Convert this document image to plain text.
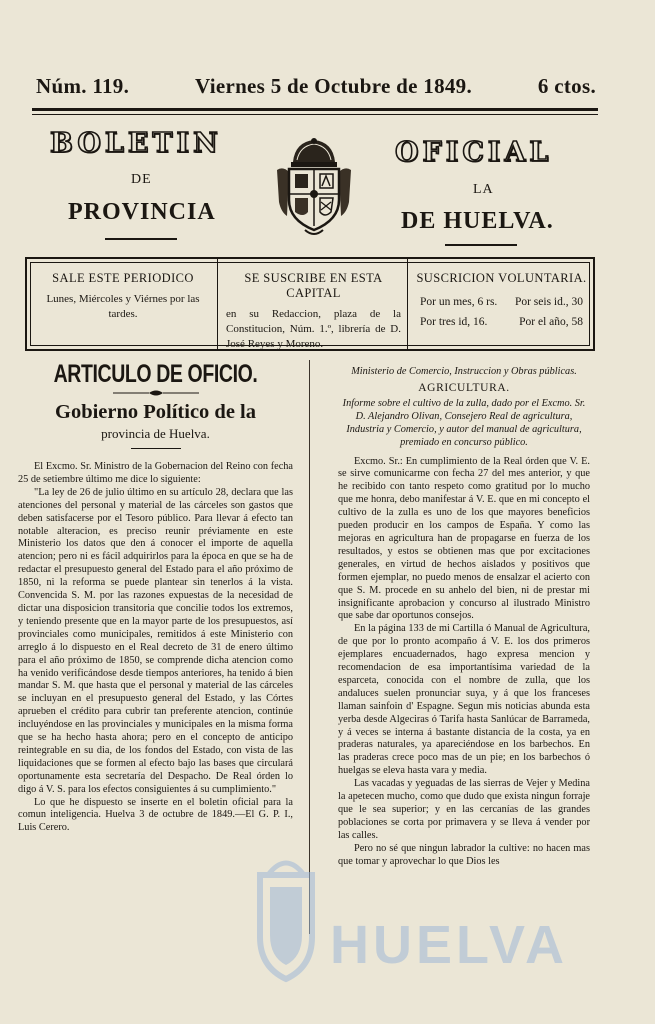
Núm. 119.	Viernes 5 de Octubre de 1849.	6 ctos.
BOLETIN	OFICIAL
DE
LA
PROVINCIA	DE HUELVA.
SALE ESTE PERIODICO
Lunes, Miércoles y Viérnes por las tardes.
SE SUSCRIBE EN ESTA CAPITAL
en su Redaccion, plaza de la Constitucion, Núm. 1.º, librería de D. José Reyes y Moreno.
SUSCRICION VOLUNTARIA.
Por un mes, 6 rs. Por seis id., 30
Por tres id, 16.	Por el año, 58
ARTICULO DE OFICIO.
Gobierno Político de la
provincia de Huelva.

El Excmo. Sr. Ministro de la Gobernacion del Reino con fecha 25 de setiembre último me dice lo siguiente:

"La ley de 26 de julio último en su artículo 28, declara que las atenciones del personal y material de las cárceles son gastos que deben satisfacerse por el Tesoro público. Para llevar á efecto tan notable alteracion, es preciso reunir préviamente en este Ministerio los datos que den á conocer el importe de aquella atencion; pero ni es fácil adquirirlos para la época en que se ha de redactar el presupuesto general del Estado para el año próximo de 1850, ni la reforma se puede plantear sin tenerlos á la vista. Convencida S. M. por las razones expuestas de la necesidad de dictar una disposicion transitoria que concilie todos los extremos, y teniendo presente que en la mayor parte de los presupuestos, así provinciales como municipales, remitidos á este Ministerio con arreglo á lo dispuesto en el Real decreto de 31 de enero último para el año próximo de 1850, se comprende dicha atencion como ha venido verificándose desde tiempos anteriores, ha tenido á bien mandar S. M. que hasta que el personal y material de las cárceles se incluyan en el presupuesto general del Estado, y las Córtes aprueben el crédito para cubrir tan preferente atencion, continúe incluyéndose en las provinciales y municipales en la misma forma que se ha hecho hasta ahora; pero en el concepto de anticipo reintegrable en su dia, de los fondos del Estado, con vista de las liquidaciones que se formen al efecto bajo las bases que circulará oportunamente esta secretaría del Despacho. De Real órden lo digo á V. S. para los efectos consiguientes á su cumplimiento."

Lo que he dispuesto se inserte en el boletin oficial para la comun inteligencia. Huelva 3 de octubre de 1849.—El G. P. I., Luis Cerero.

Ministerio de Comercio, Instruccion y Obras públicas.
AGRICULTURA.
Informe sobre el cultivo de la zulla, dado por el Excmo. Sr. D. Alejandro Olivan, Consejero Real de agricultura, Industria y Comercio, y autor del manual de agricultura, premiado en concurso público.

Excmo. Sr.: En cumplimiento de la Real órden que V. E. se sirve comunicarme con fecha 27 del mes anterior, y que he recibido con tanto respeto como gratitud por lo mucho que me honra, debo manifestar á V. E. que en mi concepto el cultivo de la zulla es uno de los que mayores beneficios pueden producir en los campos de España. Y como las mejoras en agricultura han de propagarse en fuerza de los resultados, y estos se obtienen mas que por excitaciones generales, en virtud de hechos aislados y positivos que formen ejemplar, no puedo menos de ensalzar el acierto con que S. M. procede en su anhelo del bien, ni de prestar mi insignificante aprobacion y concurso al ilustrado Ministro que sabe dar oportunos consejos.

En la página 133 de mi Cartilla ó Manual de Agricultura, de que por lo pronto acompaño á V. E. los dos primeros ejemplares encuadernados, hago expresa mencion y recomendacion de esa importantísima variedad de la esparceta, conocida con el nombre de zulla, que los andaluces suelen pronunciar suya, y á que los franceses llaman sainfoin d' Espagne. Segun mis noticias abunda esta yerba desde Algeciras ó Tarifa hasta Sanlúcar de Barrameda, y á veces se interna á bastante distancia de la costa, ya en praderas naturales, ya apareciéndose en los barbechos. En las praderas crece poco mas de un pie; en los barbechos ó huelgas se eleva hasta vara y media.

Las vacadas y yeguadas de las sierras de Vejer y Medina la apetecen mucho, como que dudo que exista ningun forraje que le sea superior; y en las cercanías de las grandes poblaciones se corta por primavera y se lleva á vender por las calles.

Pero no sé que ningun labrador la cultive: no hacen mas que tomar y aprovechar lo que Dios les

HUELVA
